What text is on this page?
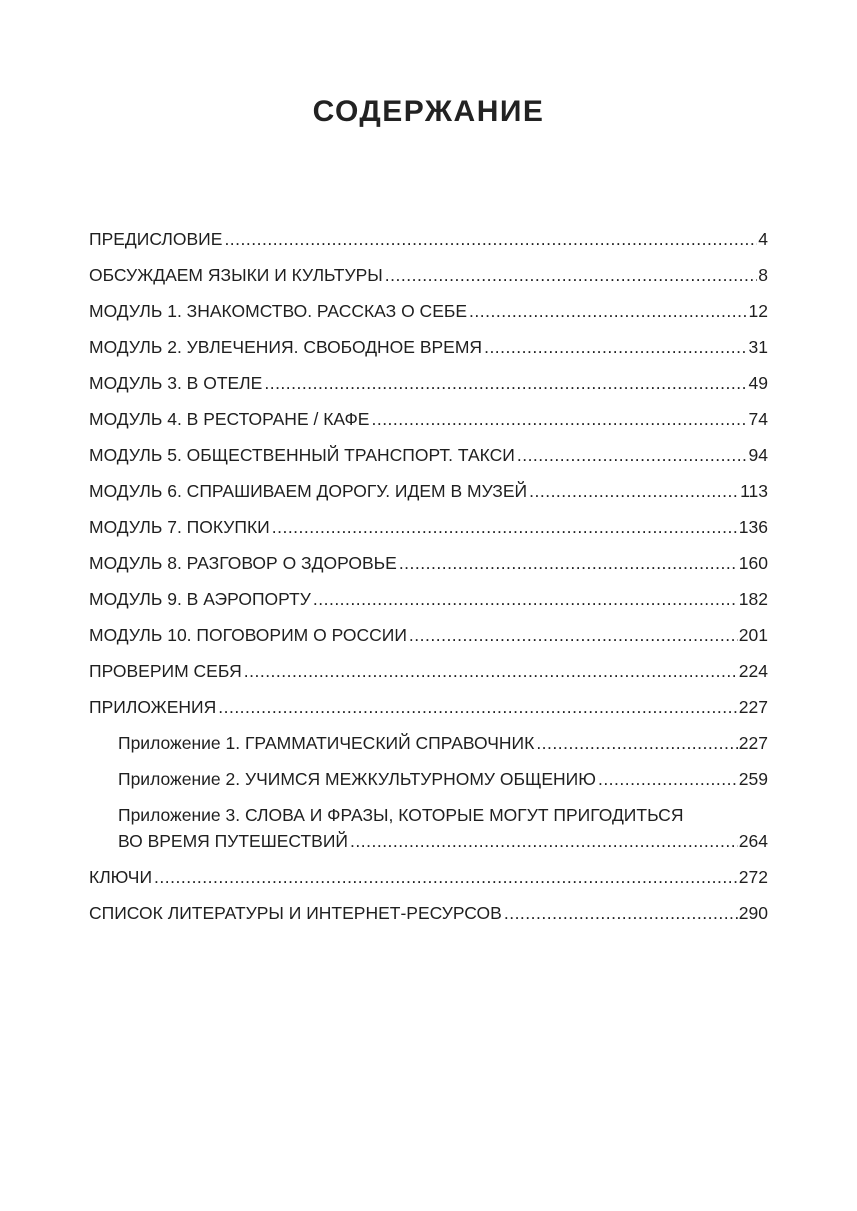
СОДЕРЖАНИЕ
ПРЕДИСЛОВИЕ .....	4
ОБСУЖДАЕМ ЯЗЫКИ И КУЛЬТУРЫ .....	8
МОДУЛЬ 1. ЗНАКОМСТВО. РАССКАЗ О СЕБЕ .....	12
МОДУЛЬ 2. УВЛЕЧЕНИЯ. СВОБОДНОЕ ВРЕМЯ .....	31
МОДУЛЬ 3. В ОТЕЛЕ .....	49
МОДУЛЬ 4. В РЕСТОРАНЕ / КАФЕ .....	74
МОДУЛЬ 5. ОБЩЕСТВЕННЫЙ ТРАНСПОРТ. ТАКСИ .....	94
МОДУЛЬ 6. СПРАШИВАЕМ ДОРОГУ. ИДЕМ В МУЗЕЙ .....	113
МОДУЛЬ 7. ПОКУПКИ .....	136
МОДУЛЬ 8. РАЗГОВОР О ЗДОРОВЬЕ .....	160
МОДУЛЬ 9. В АЭРОПОРТУ .....	182
МОДУЛЬ 10. ПОГОВОРИМ О РОССИИ .....	201
ПРОВЕРИМ СЕБЯ .....	224
ПРИЛОЖЕНИЯ .....	227
Приложение 1. ГРАММАТИЧЕСКИЙ СПРАВОЧНИК .....	227
Приложение 2. УЧИМСЯ МЕЖКУЛЬТУРНОМУ ОБЩЕНИЮ .....	259
Приложение 3. СЛОВА И ФРАЗЫ, КОТОРЫЕ МОГУТ ПРИГОДИТЬСЯ
ВО ВРЕМЯ ПУТЕШЕСТВИЙ .....	264
КЛЮЧИ .....	272
СПИСОК ЛИТЕРАТУРЫ И ИНТЕРНЕТ-РЕСУРСОВ .....	290
